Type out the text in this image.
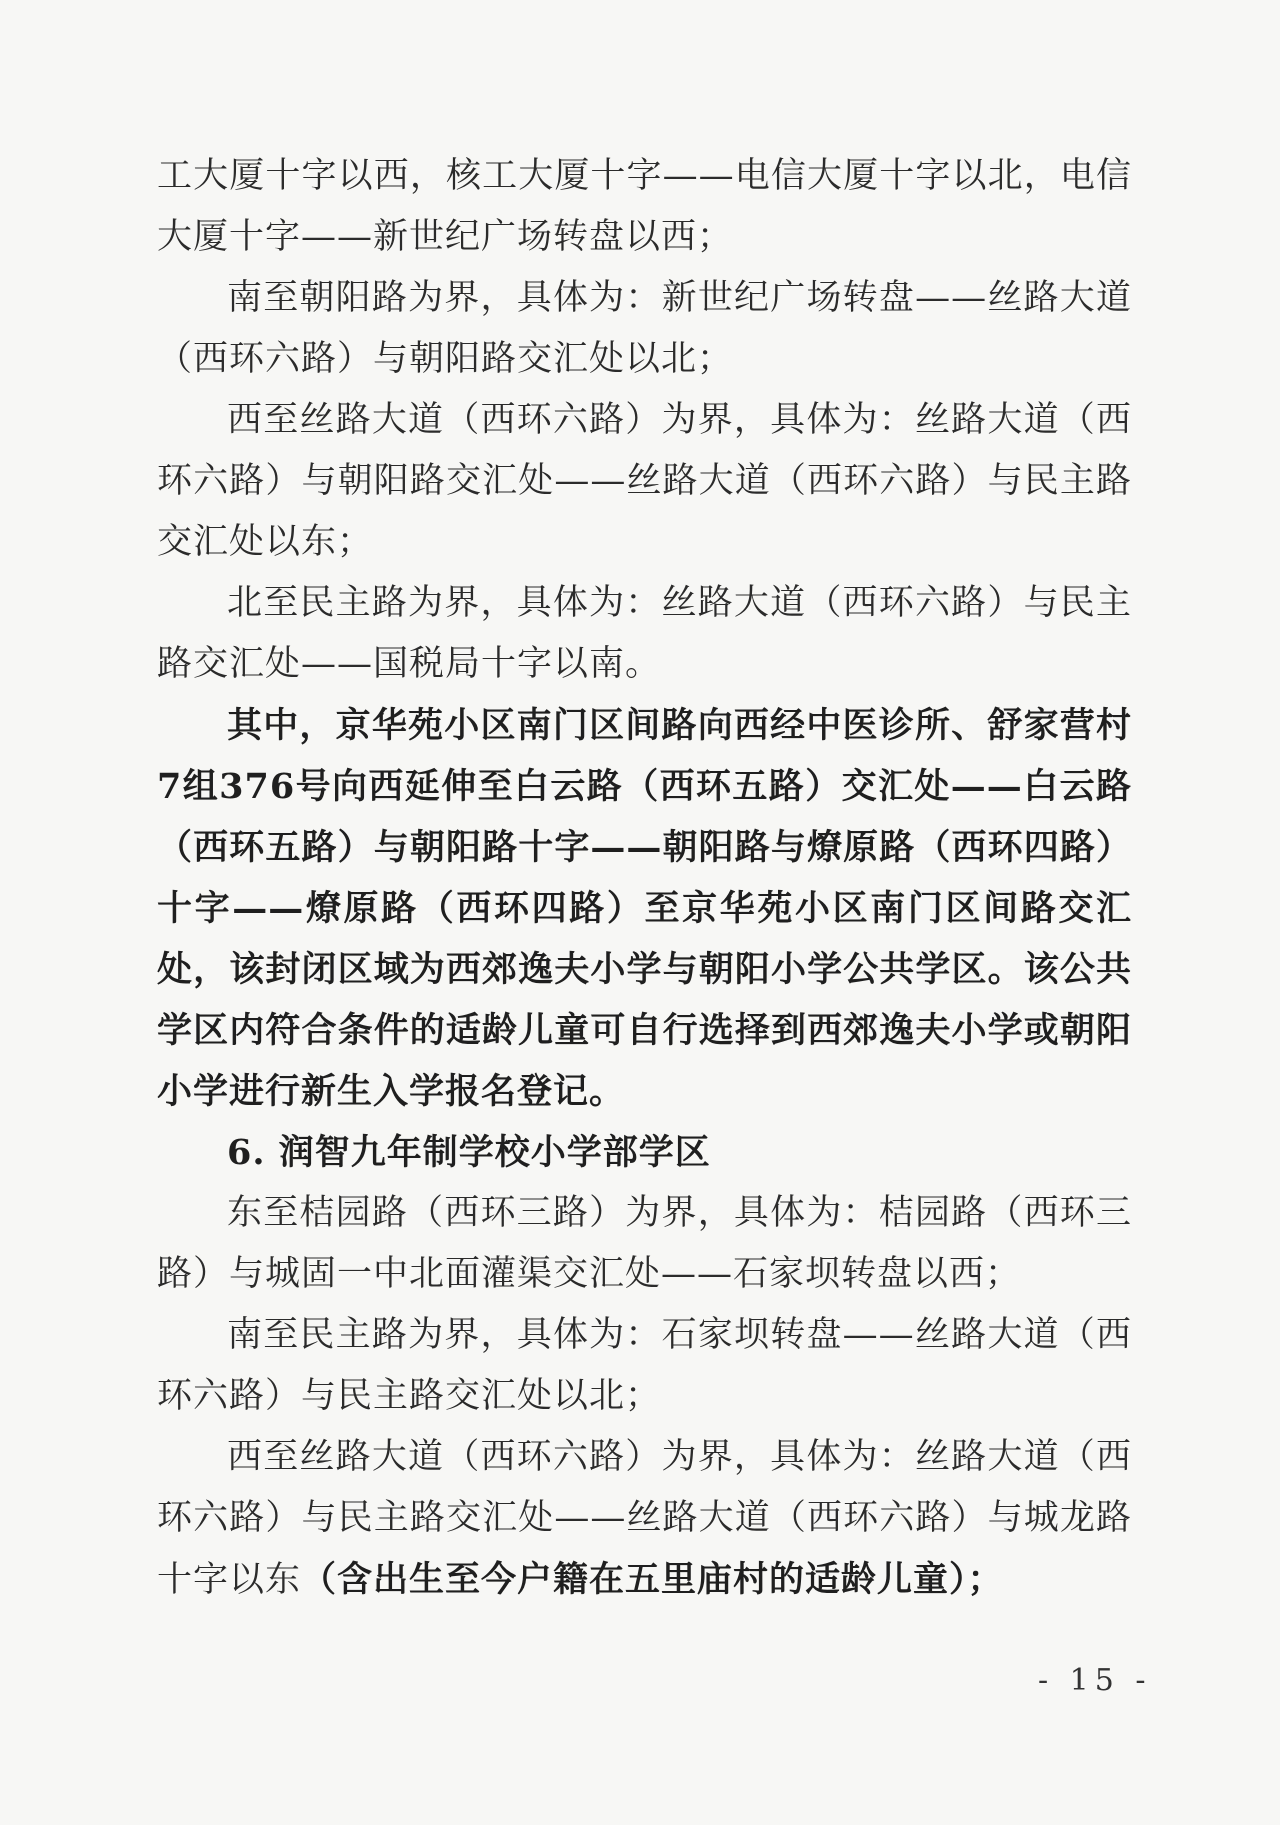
工大厦十字以西，核工大厦十字——电信大厦十字以北，电信大厦十字——新世纪广场转盘以西；

南至朝阳路为界，具体为：新世纪广场转盘——丝路大道（西环六路）与朝阳路交汇处以北；

西至丝路大道（西环六路）为界，具体为：丝路大道（西环六路）与朝阳路交汇处——丝路大道（西环六路）与民主路交汇处以东；

北至民主路为界，具体为：丝路大道（西环六路）与民主路交汇处——国税局十字以南。

其中，京华苑小区南门区间路向西经中医诊所、舒家营村7组376号向西延伸至白云路（西环五路）交汇处——白云路（西环五路）与朝阳路十字——朝阳路与燎原路（西环四路）十字——燎原路（西环四路）至京华苑小区南门区间路交汇处，该封闭区域为西郊逸夫小学与朝阳小学公共学区。该公共学区内符合条件的适龄儿童可自行选择到西郊逸夫小学或朝阳小学进行新生入学报名登记。

6. 润智九年制学校小学部学区

东至桔园路（西环三路）为界，具体为：桔园路（西环三路）与城固一中北面灌渠交汇处——石家坝转盘以西；

南至民主路为界，具体为：石家坝转盘——丝路大道（西环六路）与民主路交汇处以北；

西至丝路大道（西环六路）为界，具体为：丝路大道（西环六路）与民主路交汇处——丝路大道（西环六路）与城龙路十字以东（含出生至今户籍在五里庙村的适龄儿童）；

- 15 -
